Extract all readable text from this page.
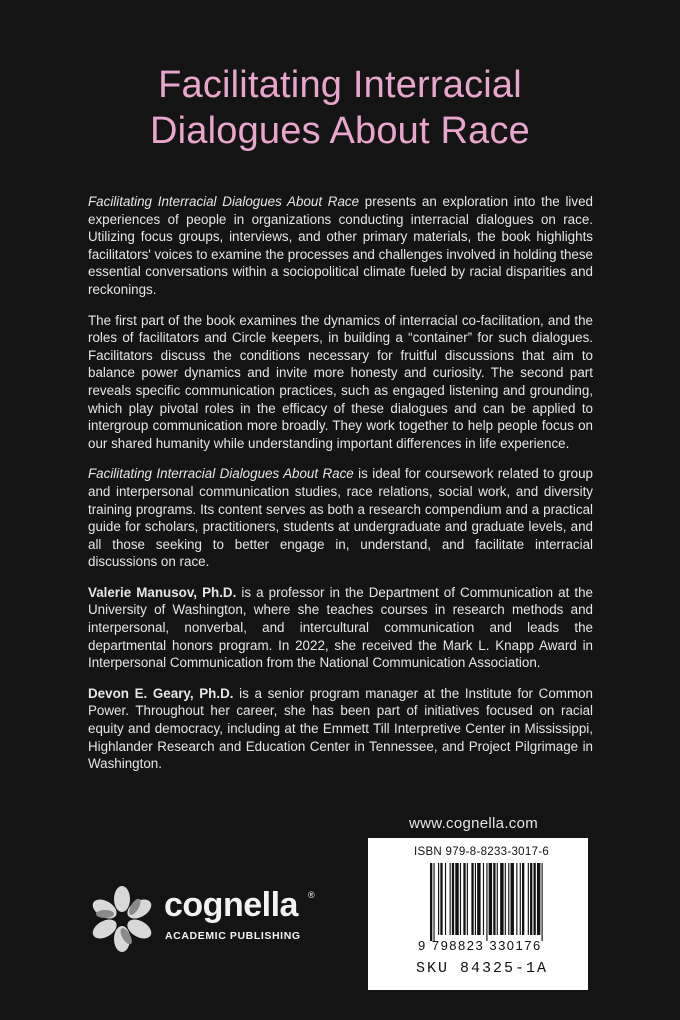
Facilitating Interracial
Dialogues About Race

Facilitating Interracial Dialogues About Race presents an exploration into the lived experiences of people in organizations conducting interracial dialogues on race. Utilizing focus groups, interviews, and other primary materials, the book highlights facilitators' voices to examine the processes and challenges involved in holding these essential conversations within a sociopolitical climate fueled by racial disparities and reckonings.

The first part of the book examines the dynamics of interracial co-facilitation, and the roles of facilitators and Circle keepers, in building a “container” for such dialogues. Facilitators discuss the conditions necessary for fruitful discussions that aim to balance power dynamics and invite more honesty and curiosity. The second part reveals specific communication practices, such as engaged listening and grounding, which play pivotal roles in the efficacy of these dialogues and can be applied to intergroup communication more broadly. They work together to help people focus on our shared humanity while understanding important differences in life experience.

Facilitating Interracial Dialogues About Race is ideal for coursework related to group and interpersonal communication studies, race relations, social work, and diversity training programs. Its content serves as both a research compendium and a practical guide for scholars, practitioners, students at undergraduate and graduate levels, and all those seeking to better engage in, understand, and facilitate interracial discussions on race.

Valerie Manusov, Ph.D. is a professor in the Department of Communication at the University of Washington, where she teaches courses in research methods and interpersonal, nonverbal, and intercultural communication and leads the departmental honors program. In 2022, she received the Mark L. Knapp Award in Interpersonal Communication from the National Communication Association.

Devon E. Geary, Ph.D. is a senior program manager at the Institute for Common Power. Throughout her career, she has been part of initiatives focused on racial equity and democracy, including at the Emmett Till Interpretive Center in Mississippi, Highlander Research and Education Center in Tennessee, and Project Pilgrimage in Washington.

www.cognella.com
ISBN 979-8-8233-3017-6
9 798823 330176
SKU 84325-1A
cognella ®
ACADEMIC PUBLISHING
